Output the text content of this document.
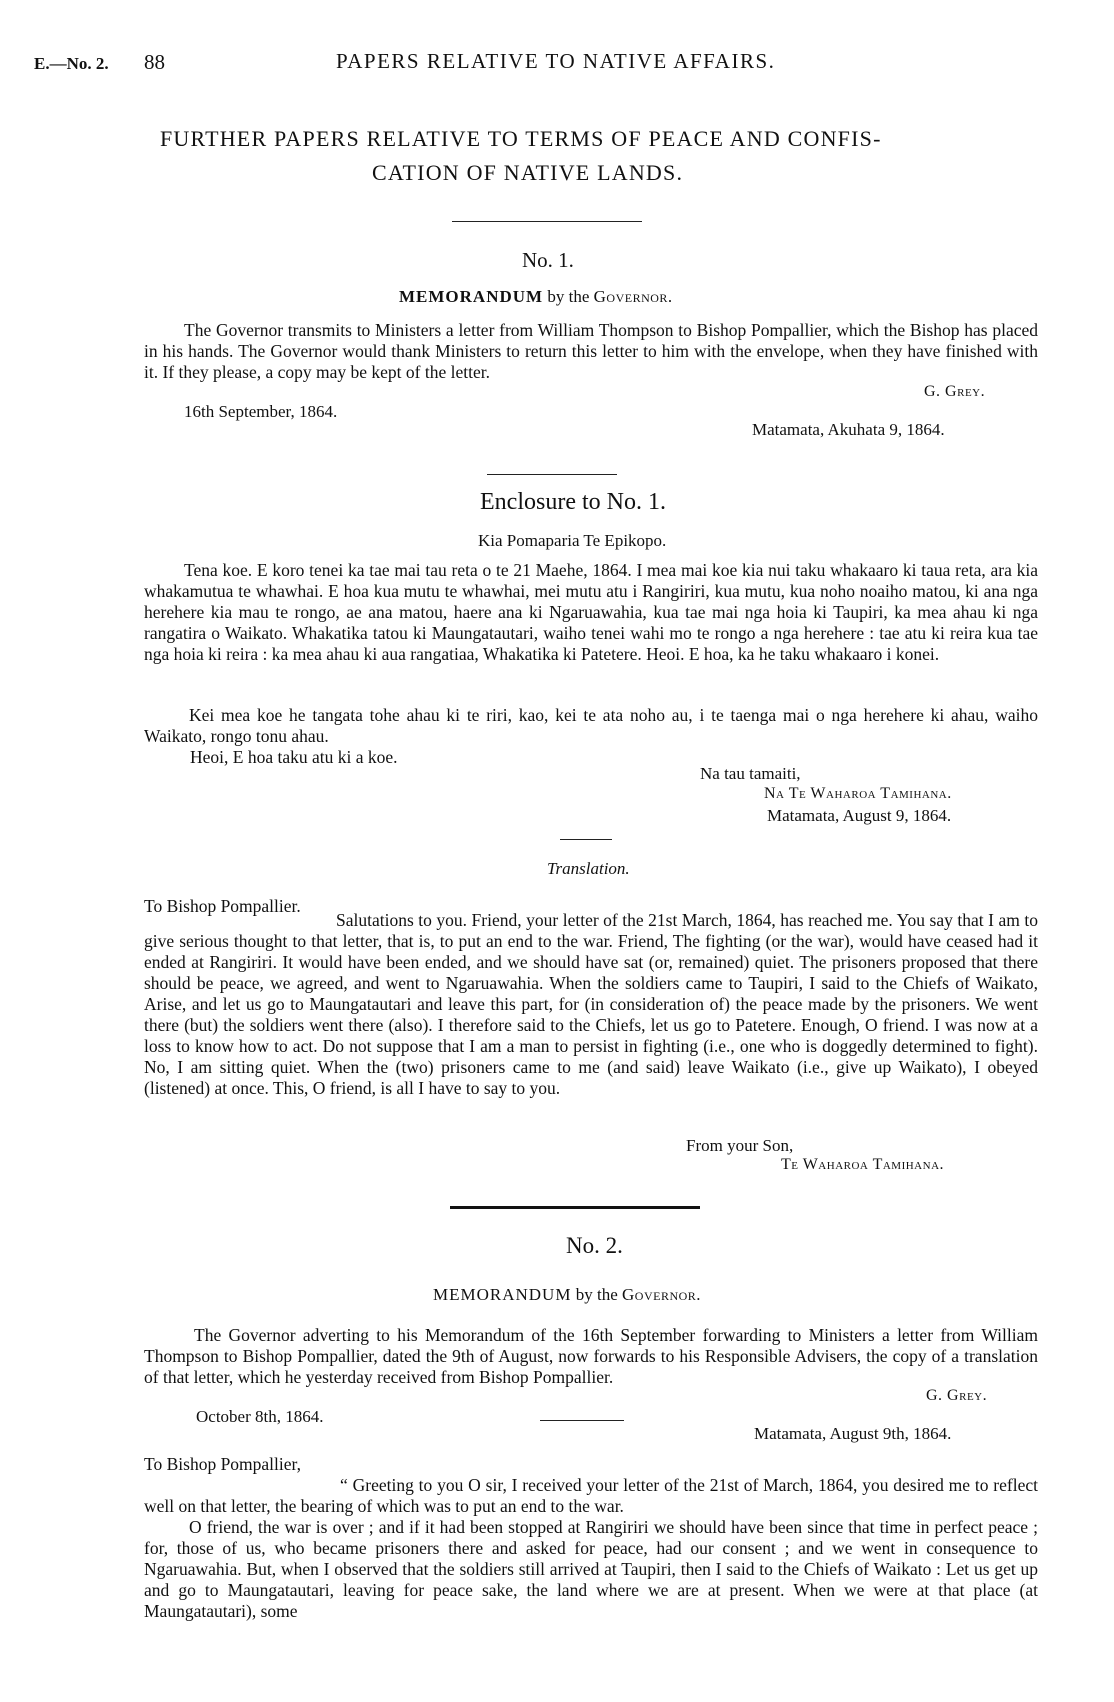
E.—No. 2. 88	PAPERS RELATIVE TO NATIVE AFFAIRS.
FURTHER PAPERS RELATIVE TO TERMS OF PEACE AND CONFIS-
CATION OF NATIVE LANDS.
No. 1.
MEMORANDUM by the Governor.
The Governor transmits to Ministers a letter from William Thompson to Bishop Pompallier, which the Bishop has placed in his hands. The Governor would thank Ministers to return this letter to him with the envelope, when they have finished with it. If they please, a copy may be kept of the letter.
G. Grey.
16th September, 1864.
Matamata, Akuhata 9, 1864.
Enclosure to No. 1.
Kia Pomaparia Te Epikopo.
Tena koe. E koro tenei ka tae mai tau reta o te 21 Maehe, 1864. I mea mai koe kia nui taku whakaaro ki taua reta, ara kia whakamutua te whawhai. E hoa kua mutu te whawhai, mei mutu atu i Rangiriri, kua mutu, kua noho noaiho matou, ki ana nga herehere kia mau te rongo, ae ana matou, haere ana ki Ngaruawahia, kua tae mai nga hoia ki Taupiri, ka mea ahau ki nga rangatira o Waikato. Whakatika tatou ki Maungatautari, waiho tenei wahi mo te rongo a nga herehere : tae atu ki reira kua tae nga hoia ki reira : ka mea ahau ki aua rangatiaa, Whakatika ki Patetere. Heoi. E hoa, ka he taku whakaaro i konei.
Kei mea koe he tangata tohe ahau ki te riri, kao, kei te ata noho au, i te taenga mai o nga herehere ki ahau, waiho Waikato, rongo tonu ahau.
Heoi, E hoa taku atu ki a koe.
Na tau tamaiti,
Na Te Waharoa Tamihana.
Matamata, August 9, 1864.
Translation.
To Bishop Pompallier.
Salutations to you. Friend, your letter of the 21st March, 1864, has reached me. You say that I am to give serious thought to that letter, that is, to put an end to the war. Friend, The fighting (or the war), would have ceased had it ended at Rangiriri. It would have been ended, and we should have sat (or, remained) quiet. The prisoners proposed that there should be peace, we agreed, and went to Ngaruawahia. When the soldiers came to Taupiri, I said to the Chiefs of Waikato, Arise, and let us go to Maungatautari and leave this part, for (in consideration of) the peace made by the prisoners. We went there (but) the soldiers went there (also). I therefore said to the Chiefs, let us go to Patetere. Enough, O friend. I was now at a loss to know how to act. Do not suppose that I am a man to persist in fighting (i.e., one who is doggedly determined to fight). No, I am sitting quiet. When the (two) prisoners came to me (and said) leave Waikato (i.e., give up Waikato), I obeyed (listened) at once. This, O friend, is all I have to say to you.
From your Son,
Te Waharoa Tamihana.
No. 2.
MEMORANDUM by the Governor.
The Governor adverting to his Memorandum of the 16th September forwarding to Ministers a letter from William Thompson to Bishop Pompallier, dated the 9th of August, now forwards to his Responsible Advisers, the copy of a translation of that letter, which he yesterday received from Bishop Pompallier.
G. Grey.
October 8th, 1864.
Matamata, August 9th, 1864.
To Bishop Pompallier,
“ Greeting to you O sir, I received your letter of the 21st of March, 1864, you desired me to reflect well on that letter, the bearing of which was to put an end to the war.
O friend, the war is over ; and if it had been stopped at Rangiriri we should have been since that time in perfect peace ; for, those of us, who became prisoners there and asked for peace, had our consent ; and we went in consequence to Ngaruawahia. But, when I observed that the soldiers still arrived at Taupiri, then I said to the Chiefs of Waikato : Let us get up and go to Maungatautari, leaving for peace sake, the land where we are at present. When we were at that place (at Maungatautari), some
